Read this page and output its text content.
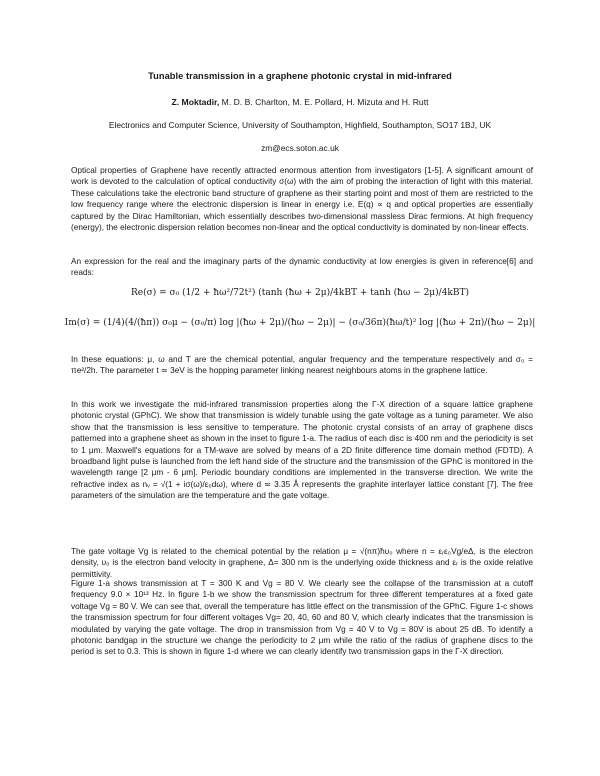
Tunable transmission in a graphene photonic crystal in mid-infrared
Z. Moktadir, M. D. B. Charlton, M. E. Pollard, H. Mizuta and H. Rutt
Electronics and Computer Science, University of Southampton, Highfield, Southampton, SO17 1BJ, UK
zm@ecs.soton.ac.uk

Optical properties of Graphene have recently attracted enormous attention from investigators [1-5]. A significant amount of work is devoted to the calculation of optical conductivity σ(ω) with the aim of probing the interaction of light with this material. These calculations take the electronic band structure of graphene as their starting point and most of them are restricted to the low frequency range where the electronic dispersion is linear in energy i.e. E(q) ∝ q and optical properties are essentially captured by the Dirac Hamiltonian, which essentially describes two-dimensional massless Dirac fermions. At high frequency (energy), the electronic dispersion relation becomes non-linear and the optical conductivity is dominated by non-linear effects.

An expression for the real and the imaginary parts of the dynamic conductivity at low energies is given in reference[6] and reads:

Re(σ) = σ₀ (1/2 + ħω²/72t²) (tanh (ħω + 2μ)/4kBT + tanh (ħω − 2μ)/4kBT)
Im(σ) = (1/4)(4/(ħπ)) σ₀μ − (σ₀/π) log |(ħω + 2μ)/(ħω − 2μ)| − (σ₀/36π)(ħω/t)² log |(ħω + 2π)/(ħω − 2μ)|

In these equations: μ, ω and T are the chemical potential, angular frequency and the temperature respectively and σ₀ = πe²/2h. The parameter t ≃ 3eV is the hopping parameter linking nearest neighbours atoms in the graphene lattice.

In this work we investigate the mid-infrared transmission properties along the Γ-X direction of a square lattice graphene photonic crystal (GPhC). We show that transmission is widely tunable using the gate voltage as a tuning parameter. We also show that the transmission is less sensitive to temperature. The photonic crystal consists of an array of graphene discs patterned into a graphene sheet as shown in the inset to figure 1-a. The radius of each disc is 400 nm and the periodicity is set to 1 μm. Maxwell's equations for a TM-wave are solved by means of a 2D finite difference time domain method (FDTD). A broadband light pulse is launched from the left hand side of the structure and the transmission of the GPhC is monitored in the wavelength range [2 μm - 6 μm]. Periodic boundary conditions are implemented in the transverse direction. We write the refractive index as nᵥ = √(1 + iσ(ω)/ε₀dω), where d ≃ 3.35 Å represents the graphite interlayer lattice constant [7]. The free parameters of the simulation are the temperature and the gate voltage.

The gate voltage Vg is related to the chemical potential by the relation μ = √(nπ)ħυ₀ where n = εᵣε₀Vg/eΔ, is the electron density, υ₀ is the electron band velocity in graphene, Δ= 300 nm is the underlying oxide thickness and εᵣ is the oxide relative permittivity.

Figure 1-a shows transmission at T = 300 K and Vg = 80 V. We clearly see the collapse of the transmission at a cutoff frequency 9.0 × 10¹³ Hz. In figure 1-b we show the transmission spectrum for three different temperatures at a fixed gate voltage Vg = 80 V. We can see that, overall the temperature has little effect on the transmission of the GPhC. Figure 1-c shows the transmission spectrum for four different voltages Vg= 20, 40, 60 and 80 V, which clearly indicates that the transmission is modulated by varying the gate voltage. The drop in transmission from Vg = 40 V to Vg = 80V is about 25 dB. To identify a photonic bandgap in the structure we change the periodicity to 2 μm while the ratio of the radius of graphene discs to the period is set to 0.3. This is shown in figure 1-d where we can clearly identify two transmission gaps in the Γ-X direction.
